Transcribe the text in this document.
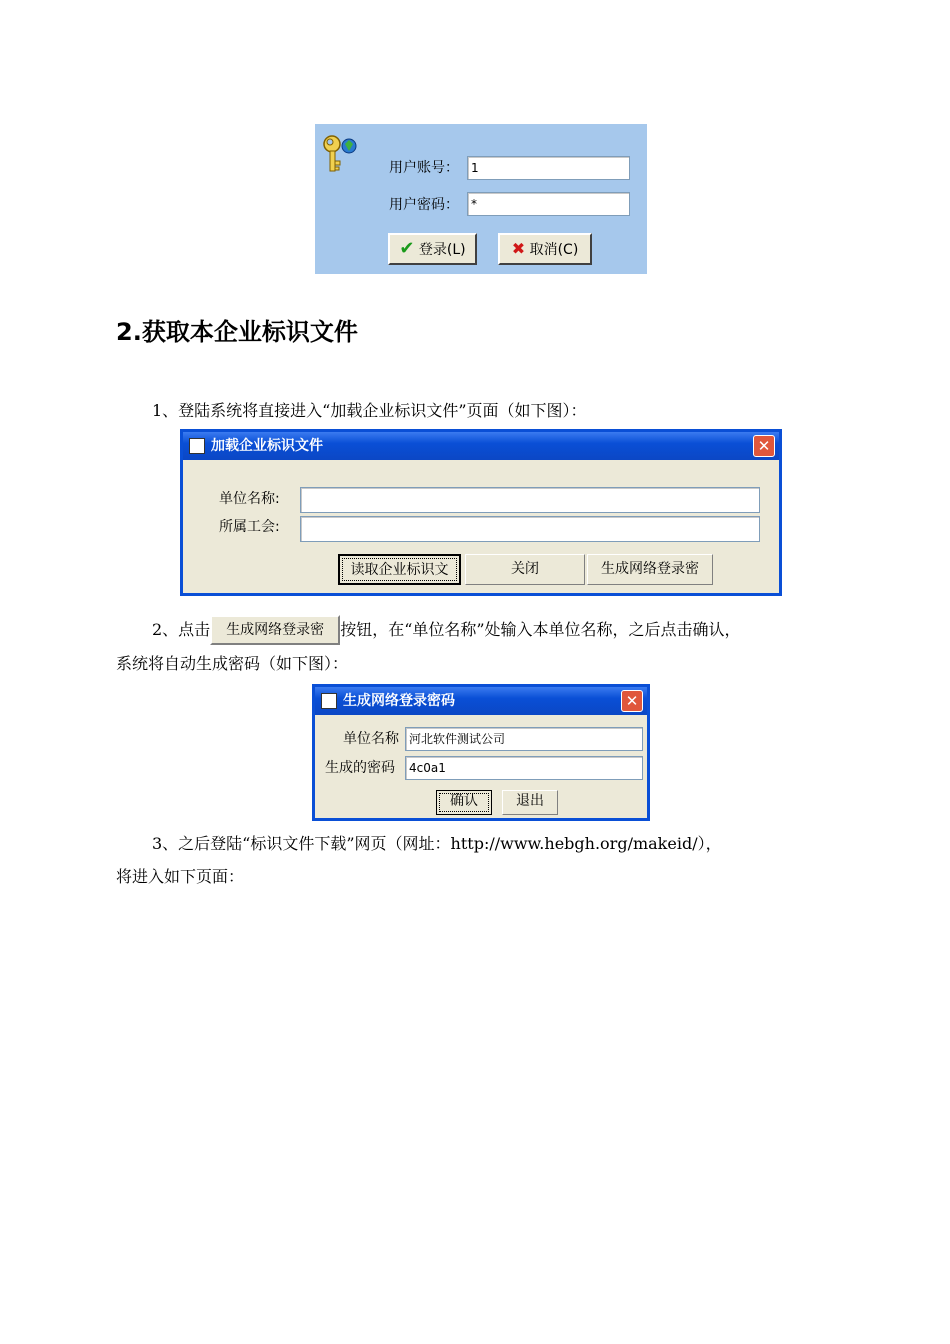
用户账号：	1
用户密码：	*
✔ 登录(L)	✖ 取消(C)
2.获取本企业标识文件
1、登陆系统将直接进入“加载企业标识文件”页面（如下图）：
加载企业标识文件	✕
单位名称:
所属工会:
读取企业标识文	关闭	生成网络登录密
2、点击	生成网络登录密	按钮，在“单位名称”处输入本单位名称，之后点击确认，
系统将自动生成密码（如下图）：
生成网络登录密码	✕
单位名称 河北软件测试公司
生成的密码	4c0a1
确认	退出
3、之后登陆“标识文件下载”网页（网址：http://www.hebgh.org/makeid/），
将进入如下页面：
